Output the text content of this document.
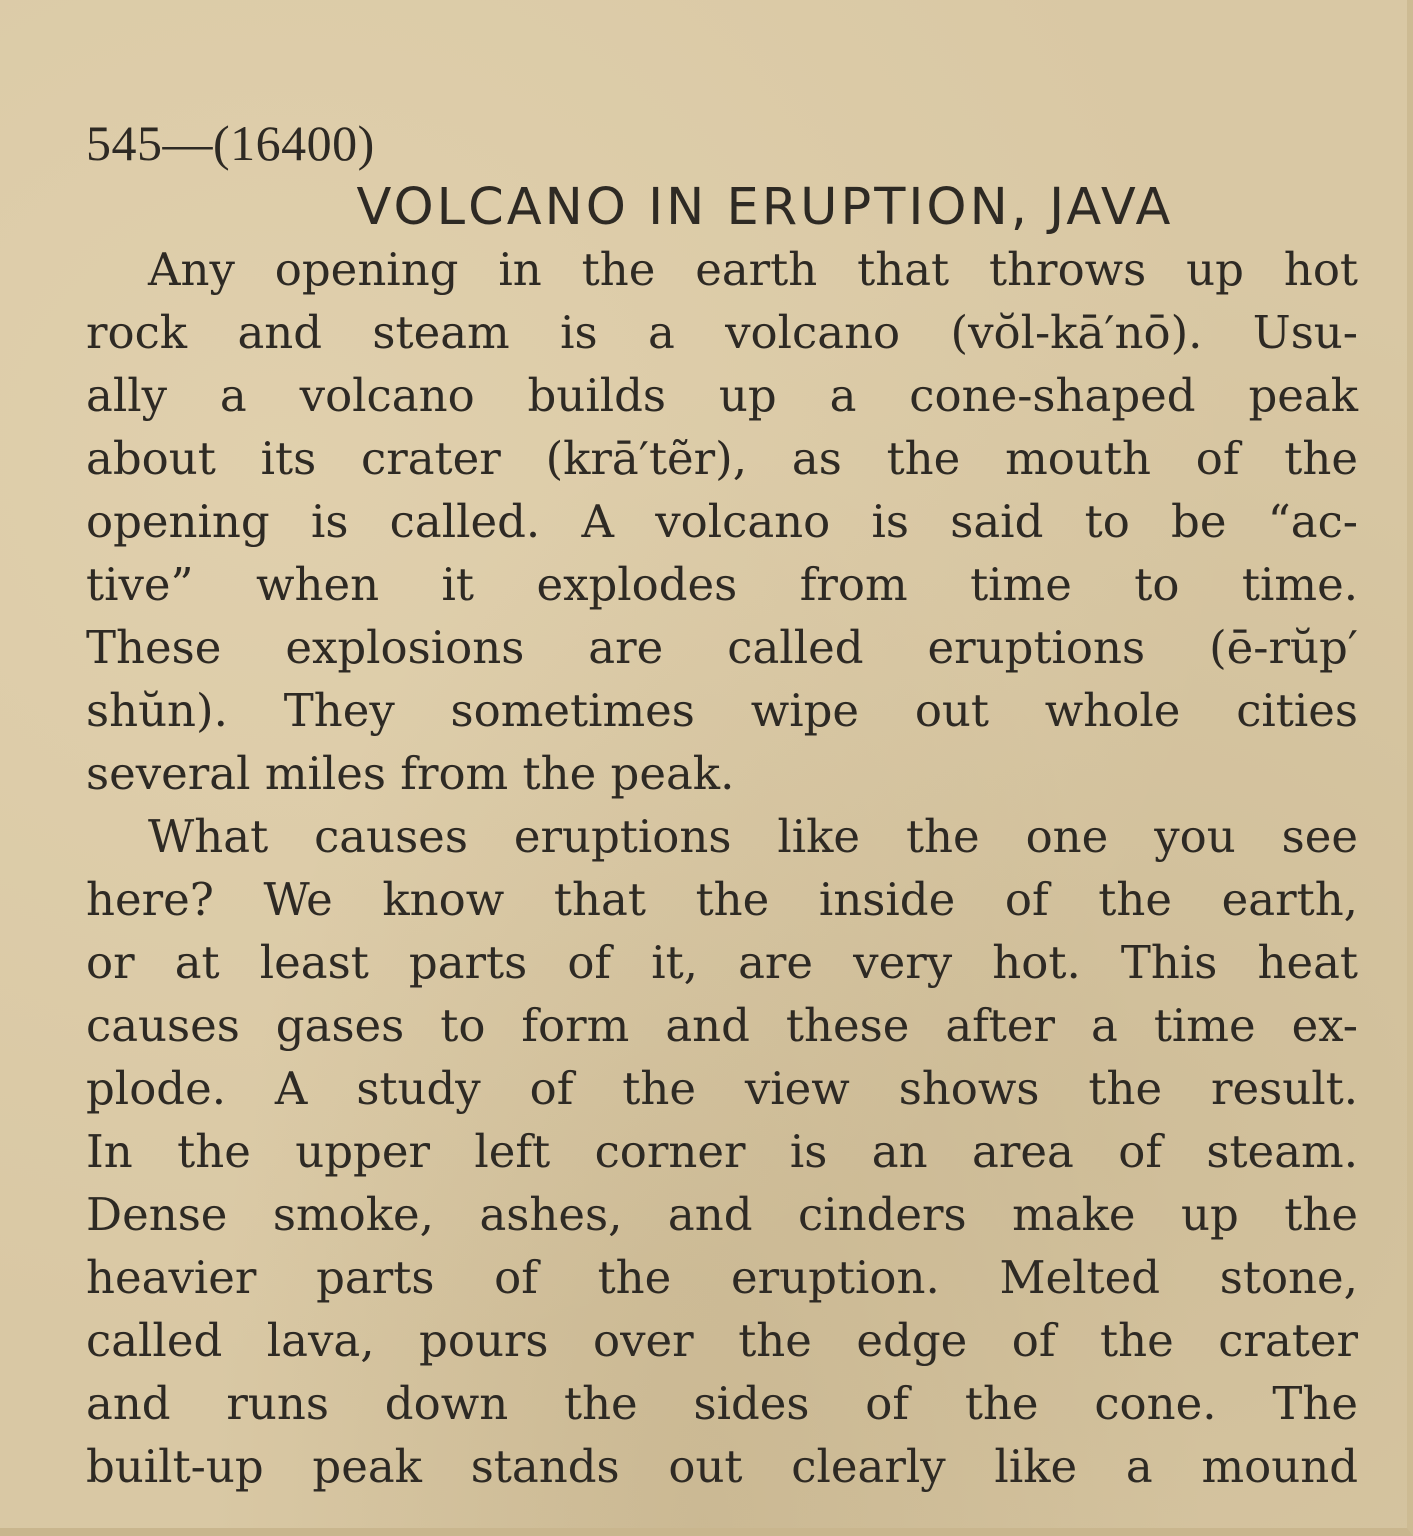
545—(16400)
VOLCANO IN ERUPTION, JAVA
Any opening in the earth that throws up hot
rock and steam is a volcano (vŏl-kā′nō). Usu-
ally a volcano builds up a cone-shaped peak
about its crater (krā′tẽr), as the mouth of the
opening is called. A volcano is said to be “ac-
tive” when it explodes from time to time.
These explosions are called eruptions (ē-rŭp′
shŭn). They sometimes wipe out whole cities
several miles from the peak.
What causes eruptions like the one you see
here? We know that the inside of the earth,
or at least parts of it, are very hot. This heat
causes gases to form and these after a time ex-
plode. A study of the view shows the result.
In the upper left corner is an area of steam.
Dense smoke, ashes, and cinders make up the
heavier parts of the eruption. Melted stone,
called lava, pours over the edge of the crater
and runs down the sides of the cone. The
built-up peak stands out clearly like a mound
